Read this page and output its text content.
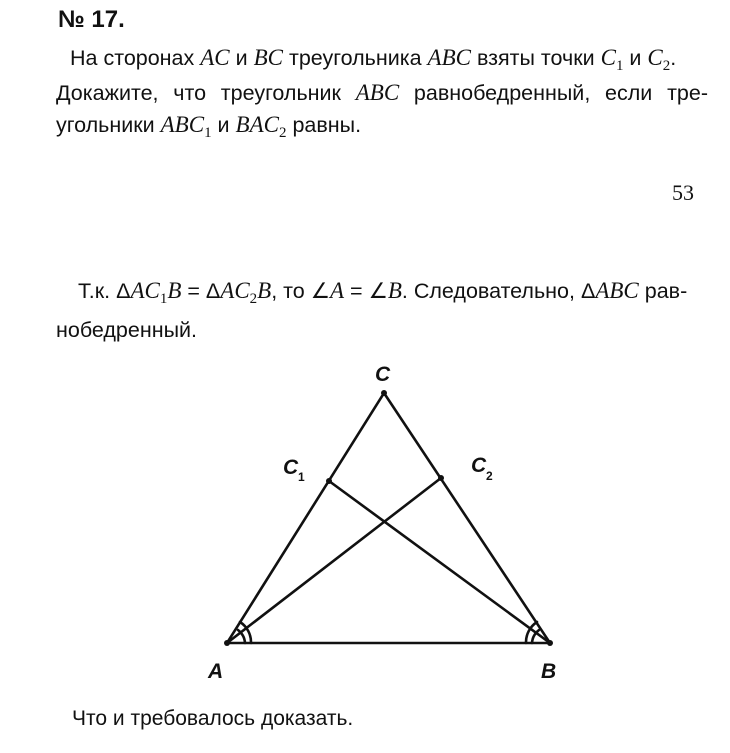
№ 17.
На сторонах AC и BC треугольника ABC взяты точки $C_1$ и $C_2$.
Докажите, что треугольник ABC равнобедренный, если тре-
угольники $ABC_1$ и $BAC_2$ равны.
53
Т.к. $\Delta AC_1B = \Delta AC_2B$, то ∠A = ∠B. Следовательно, ΔABC рав-
нобедренный.
A	B
C
C 1	C 2
Что и требовалось доказать.
